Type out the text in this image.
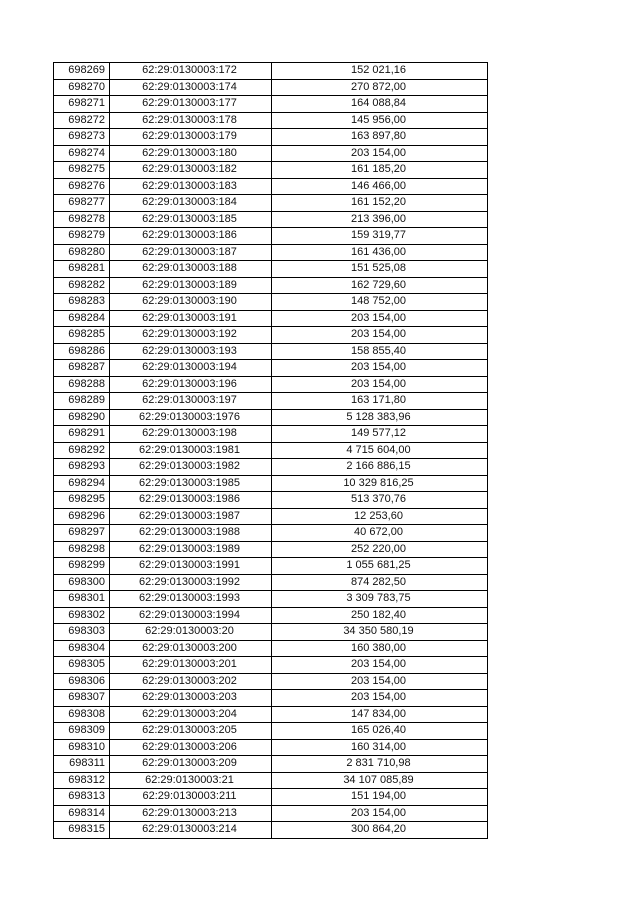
698269	62:29:0130003:172	152 021,16
698270	62:29:0130003:174	270 872,00
698271	62:29:0130003:177	164 088,84
698272	62:29:0130003:178	145 956,00
698273	62:29:0130003:179	163 897,80
698274	62:29:0130003:180	203 154,00
698275	62:29:0130003:182	161 185,20
698276	62:29:0130003:183	146 466,00
698277	62:29:0130003:184	161 152,20
698278	62:29:0130003:185	213 396,00
698279	62:29:0130003:186	159 319,77
698280	62:29:0130003:187	161 436,00
698281	62:29:0130003:188	151 525,08
698282	62:29:0130003:189	162 729,60
698283	62:29:0130003:190	148 752,00
698284	62:29:0130003:191	203 154,00
698285	62:29:0130003:192	203 154,00
698286	62:29:0130003:193	158 855,40
698287	62:29:0130003:194	203 154,00
698288	62:29:0130003:196	203 154,00
698289	62:29:0130003:197	163 171,80
698290	62:29:0130003:1976	5 128 383,96
698291	62:29:0130003:198	149 577,12
698292	62:29:0130003:1981	4 715 604,00
698293	62:29:0130003:1982	2 166 886,15
698294	62:29:0130003:1985	10 329 816,25
698295	62:29:0130003:1986	513 370,76
698296	62:29:0130003:1987	12 253,60
698297	62:29:0130003:1988	40 672,00
698298	62:29:0130003:1989	252 220,00
698299	62:29:0130003:1991	1 055 681,25
698300	62:29:0130003:1992	874 282,50
698301	62:29:0130003:1993	3 309 783,75
698302	62:29:0130003:1994	250 182,40
698303	62:29:0130003:20	34 350 580,19
698304	62:29:0130003:200	160 380,00
698305	62:29:0130003:201	203 154,00
698306	62:29:0130003:202	203 154,00
698307	62:29:0130003:203	203 154,00
698308	62:29:0130003:204	147 834,00
698309	62:29:0130003:205	165 026,40
698310	62:29:0130003:206	160 314,00
698311	62:29:0130003:209	2 831 710,98
698312	62:29:0130003:21	34 107 085,89
698313	62:29:0130003:211	151 194,00
698314	62:29:0130003:213	203 154,00
698315	62:29:0130003:214	300 864,20
